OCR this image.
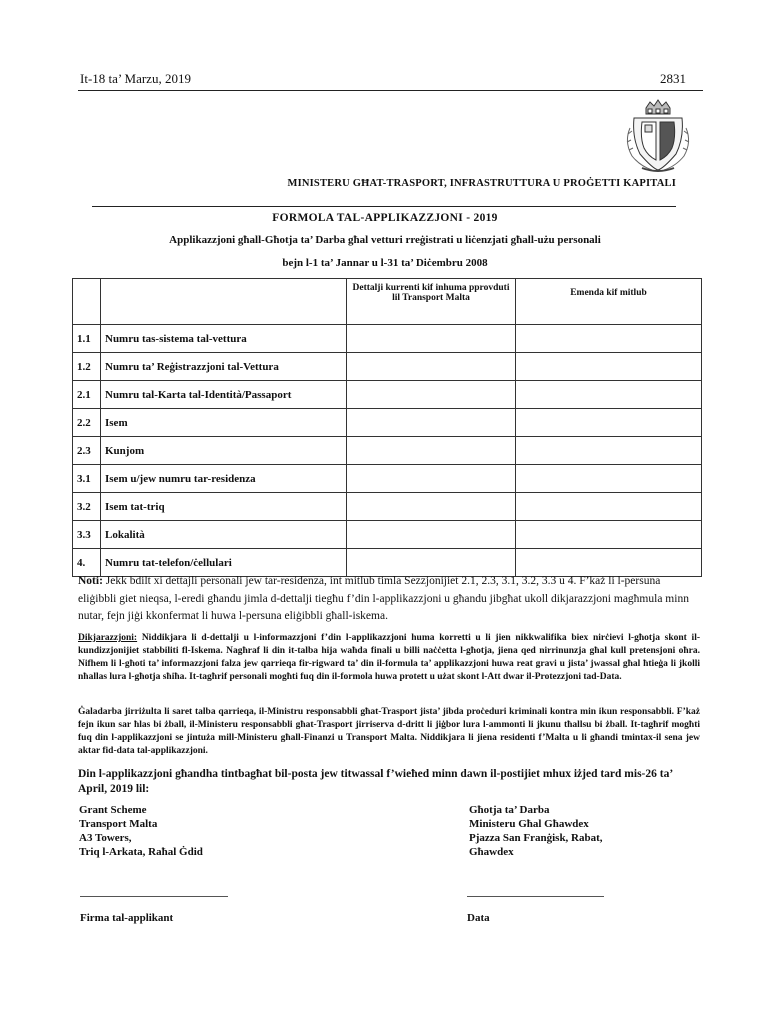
It-18 ta’ Marzu, 2019	2831
MINISTERU GĦAT-TRASPORT, INFRASTRUTTURA U PROĠETTI KAPITALI
FORMOLA TAL-APPLIKAZZJONI - 2019
Applikazzjoni għall-Għotja ta’ Darba għal vetturi rreġistrati u liċenzjati għall-użu personali
bejn l-1 ta’ Jannar u l-31 ta’ Diċembru 2008
		Dettalji kurrenti kif inhuma pprovduti lil Transport Malta	Emenda kif mitlub
1.1	Numru tas-sistema tal-vettura		
1.2	Numru ta’ Reġistrazzjoni tal-Vettura		
2.1	Numru tal-Karta tal-Identità/Passaport		
2.2	Isem		
2.3	Kunjom		
3.1	Isem u/jew numru tar-residenza		
3.2	Isem tat-triq		
3.3	Lokalità		
4.	Numru tat-telefon/ċellulari		
Noti: Jekk bdilt xi dettajli personali jew tar-residenza, int mitlub timla Sezzjonijiet 2.1, 2.3, 3.1, 3.2, 3.3 u 4. F’każ li l-persuna eliġibbli giet nieqsa, l-eredi għandu jimla d-dettalji tiegħu f’din l-applikazzjoni u għandu jibgħat ukoll dikjarazzjoni magħmula minn nutar, fejn jiġi kkonfermat li huwa l-persuna eliġibbli għall-iskema.
Dikjarazzjoni: Niddikjara li d-dettalji u l-informazzjoni f’din l-applikazzjoni huma korretti u li jien nikkwalifika biex nirċievi l-għotja skont il-kundizzjonijiet stabbiliti fl-Iskema. Nagħraf li din it-talba hija waħda finali u billi naċċetta l-għotja, jiena qed nirrinunzja għal kull pretensjoni oħra. Nifhem li l-għoti ta’ informazzjoni falza jew qarrieqa fir-rigward ta’ din il-formula ta’ applikazzjoni huwa reat gravi u jista’ jwassal għal ħtieġa li jkolli nħallas lura l-għotja sħiħa. It-tagħrif personali mogħti fuq din il-formola huwa protett u użat skont l-Att dwar il-Protezzjoni tad-Data.
Ġaladarba jirriżulta li saret talba qarrieqa, il-Ministru responsabbli għat-Trasport jista’ jibda proċeduri kriminali kontra min ikun responsabbli. F’każ fejn ikun sar ħlas bi żball, il-Ministeru responsabbli għat-Trasport jirriserva d-dritt li jiġbor lura l-ammonti li jkunu tħallsu bi żball. It-tagħrif mogħti fuq din l-applikazzjoni se jintuża mill-Ministeru għall-Finanzi u Transport Malta. Niddikjara li jiena residenti f’Malta u li għandi tmintax-il sena jew aktar fid-data tal-applikazzjoni.
Din l-applikazzjoni għandha tintbagħat bil-posta jew titwassal f’wieħed minn dawn il-postijiet mhux iżjed tard mis-26 ta’ April, 2019 lil:
Grant Scheme
Transport Malta
A3 Towers,
Triq l-Arkata, Raħal Ġdid
Għotja ta’ Darba
Ministeru Għal Għawdex
Pjazza San Franġisk, Rabat,
Għawdex
Firma tal-applikant	Data
